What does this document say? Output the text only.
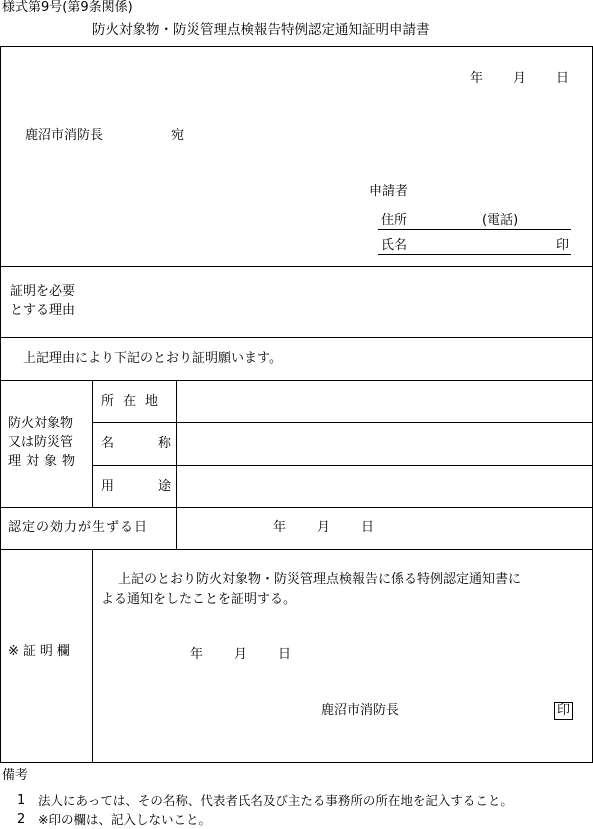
様式第9号(第9条関係)
防火対象物・防災管理点検報告特例認定通知証明申請書
年 月 日
鹿沼市消防長	宛
申請者
住所	(電話)
氏名	印
証明を必要
とする理由
上記理由により下記のとおり証明願います。
防火対象物
又は防災管
理対象物
所在地
名称
用途
認定の効力が生ずる日	年 月 日
※証明欄
上記のとおり防火対象物・防災管理点検報告に係る特例認定通知書に
よる通知をしたことを証明する。
年 月 日
鹿沼市消防長	印
備考
1 法人にあっては、その名称、代表者氏名及び主たる事務所の所在地を記入すること。
2 ※印の欄は、記入しないこと。
